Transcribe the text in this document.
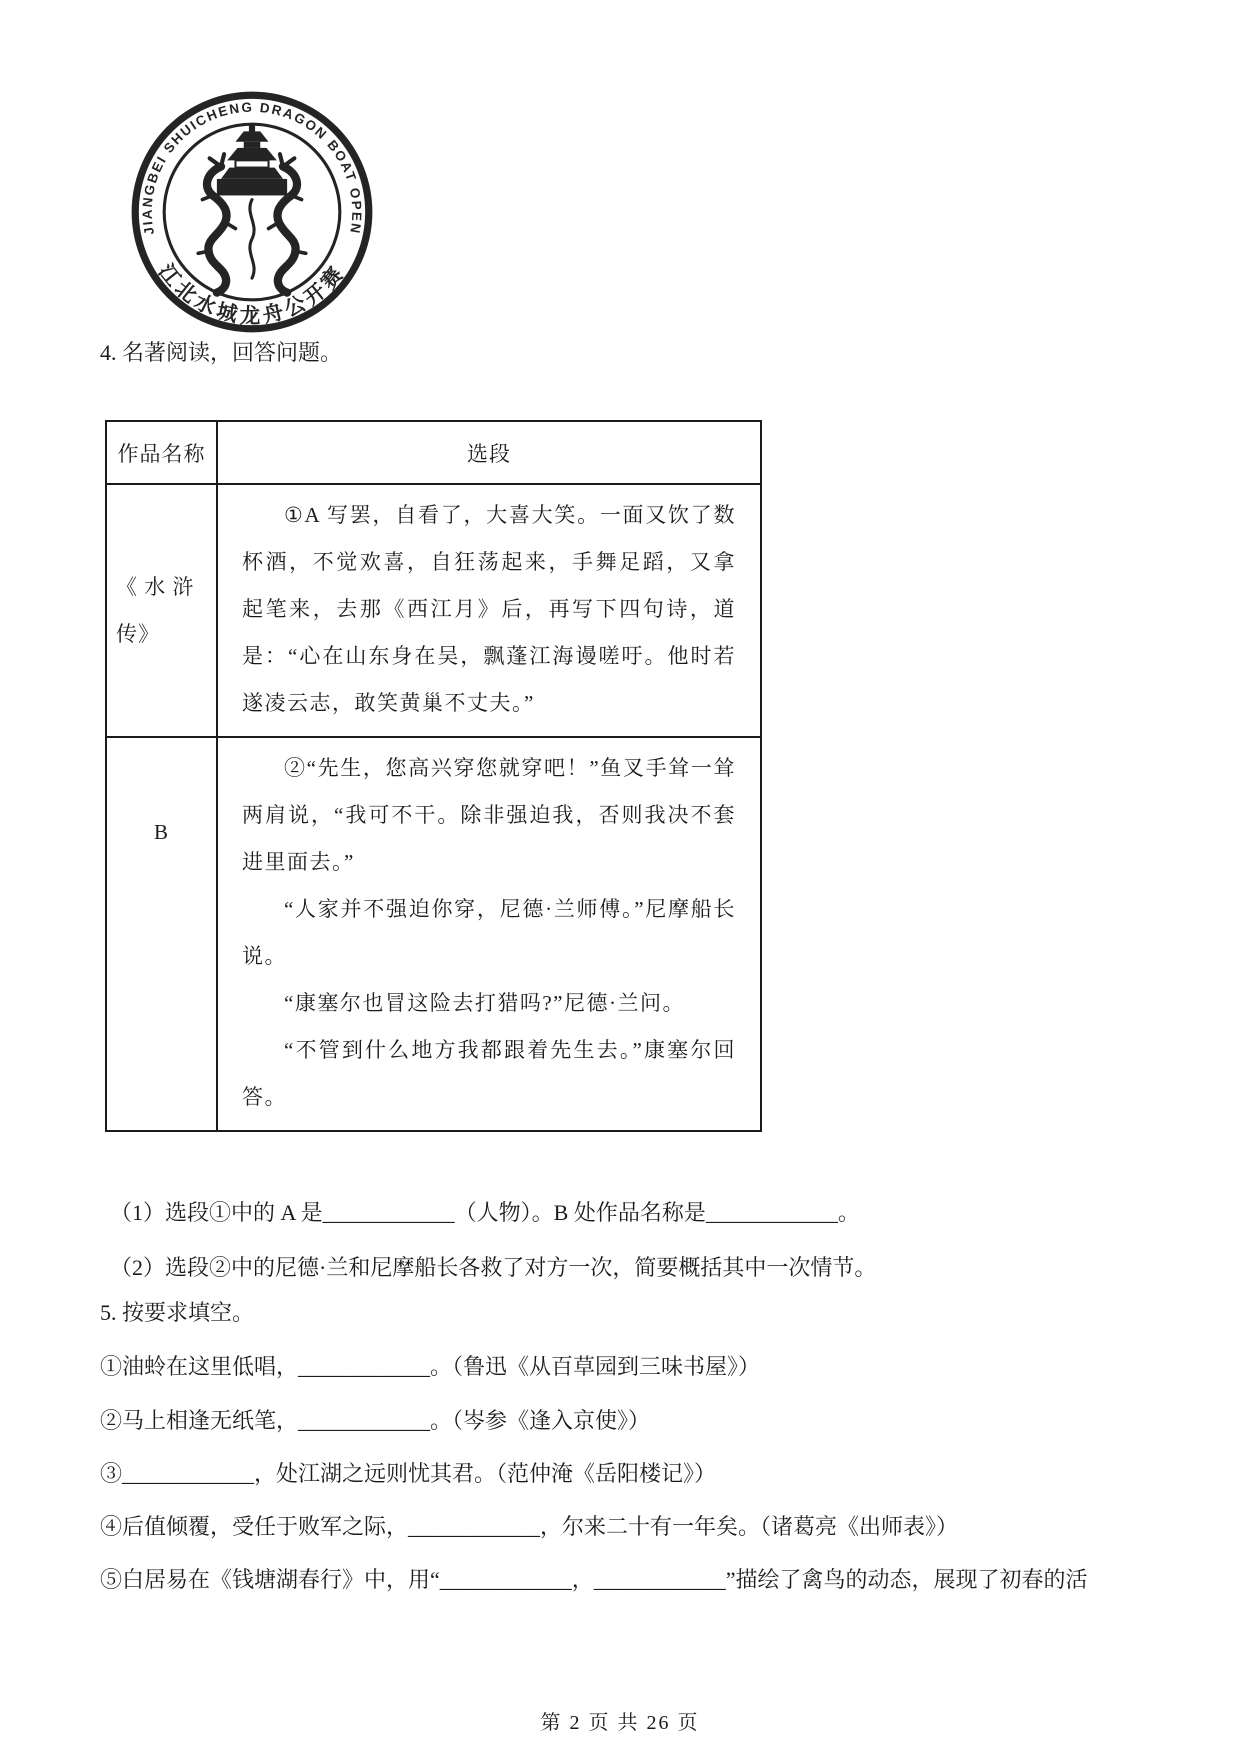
JIANGBEI SHUICHENG DRAGON BOAT OPEN
江北水城龙舟公开赛
4. 名著阅读，回答问题。
作品名称	选段
《 水 浒 传》	①A 写罢，自看了，大喜大笑。一面又饮了数杯酒，不觉欢喜，自狂荡起来，手舞足蹈，又拿起笔来，去那《西江月》后，再写下四句诗，道是：“心在山东身在吴，飘蓬江海谩嗟吁。他时若遂凌云志，敢笑黄巢不丈夫。”

B	②“先生，您高兴穿您就穿吧！”鱼叉手耸一耸两肩说，“我可不干。除非强迫我，否则我决不套进里面去。”

“人家并不强迫你穿，尼德·兰师傅。”尼摩船长说。

“康塞尔也冒这险去打猎吗?”尼德·兰问。

“不管到什么地方我都跟着先生去。”康塞尔回答。

（1）选段①中的 A 是____________（人物）。B 处作品名称是____________。
（2）选段②中的尼德·兰和尼摩船长各救了对方一次，简要概括其中一次情节。
5. 按要求填空。
①油蛉在这里低唱，____________。（鲁迅《从百草园到三味书屋》）
②马上相逢无纸笔，____________。（岑参《逢入京使》）
③____________，处江湖之远则忧其君。（范仲淹《岳阳楼记》）
④后值倾覆，受任于败军之际，____________，尔来二十有一年矣。（诸葛亮《出师表》）
⑤白居易在《钱塘湖春行》中，用“____________，____________”描绘了禽鸟的动态，展现了初春的活
第 2 页 共 26 页
